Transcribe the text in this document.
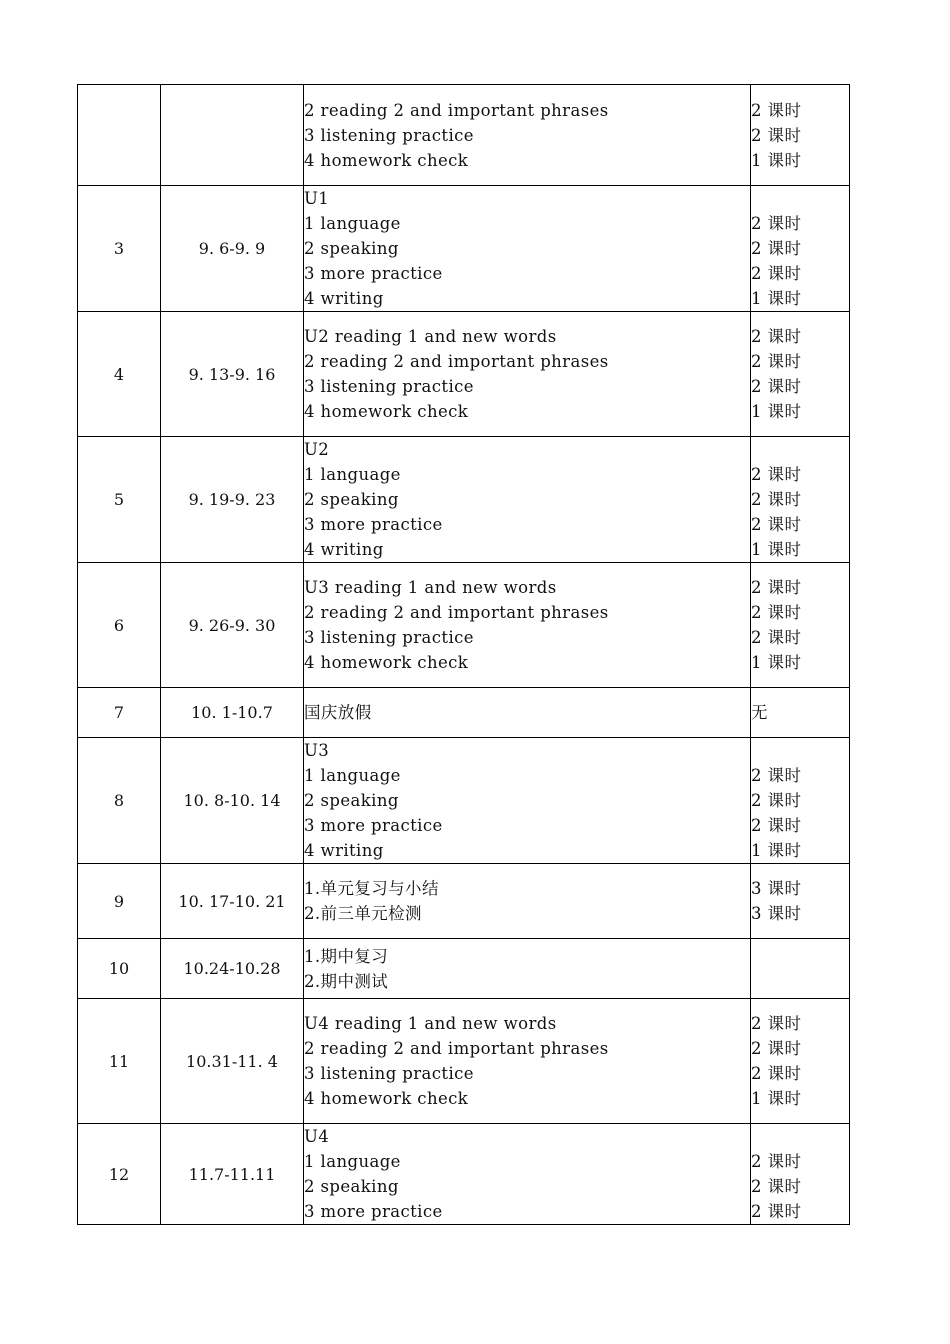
		2 reading 2 and important phrases
3 listening practice
4 homework check	2 课时
2 课时
1 课时

3	9. 6-9. 9	U1
1 language
2 speaking
3 more practice
4 writing	2 课时
2 课时
2 课时
1 课时

4	9. 13-9. 16	U2 reading 1 and new words
2 reading 2 and important phrases
3 listening practice
4 homework check	2 课时
2 课时
2 课时
1 课时

5	9. 19-9. 23	U2
1 language
2 speaking
3 more practice
4 writing	2 课时
2 课时
2 课时
1 课时

6	9. 26-9. 30	U3 reading 1 and new words
2 reading 2 and important phrases
3 listening practice
4 homework check	2 课时
2 课时
2 课时
1 课时

7	10. 1-10.7	国庆放假	无

8	10. 8-10. 14	U3
1 language
2 speaking
3 more practice
4 writing	2 课时
2 课时
2 课时
1 课时

9	10. 17-10. 21	1.单元复习与小结
2.前三单元检测	3 课时
3 课时

10	10.24-10.28	1.期中复习
2.期中测试	

11	10.31-11. 4	U4 reading 1 and new words
2 reading 2 and important phrases
3 listening practice
4 homework check	2 课时
2 课时
2 课时
1 课时

12	11.7-11.11	U4
1 language
2 speaking
3 more practice	2 课时
2 课时
2 课时
